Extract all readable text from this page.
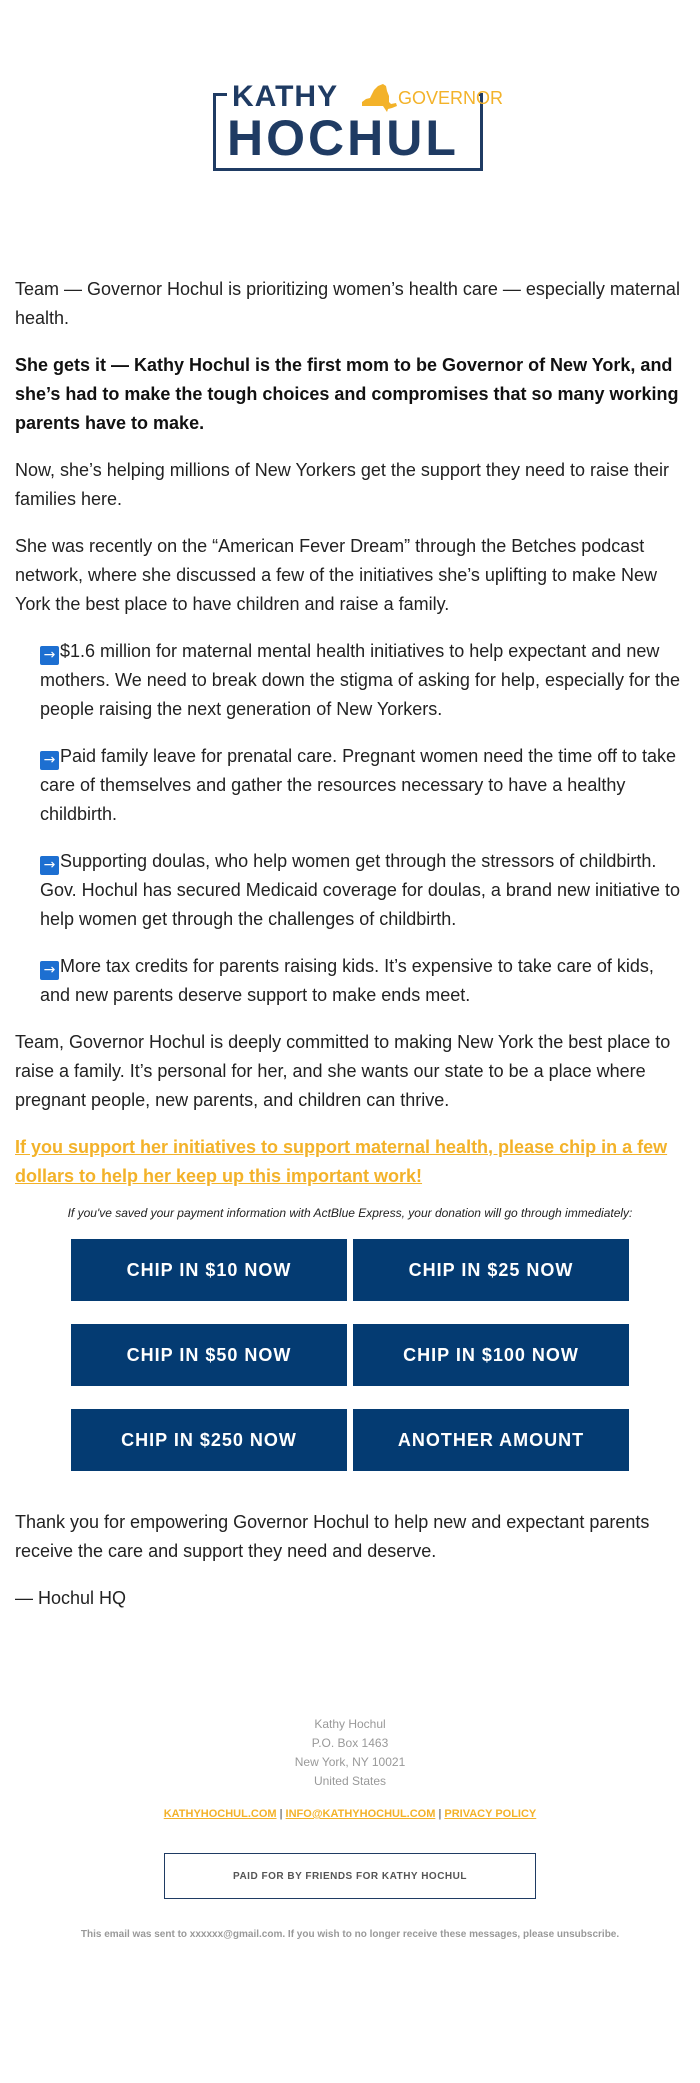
KATHY	GOVERNOR
HOCHUL

Team — Governor Hochul is prioritizing women’s health care — especially maternal health.

She gets it — Kathy Hochul is the first mom to be Governor of New York, and she’s had to make the tough choices and compromises that so many working parents have to make.

Now, she’s helping millions of New Yorkers get the support they need to raise their families here.

She was recently on the “American Fever Dream” through the Betches podcast network, where she discussed a few of the initiatives she’s uplifting to make New York the best place to have children and raise a family.

→ $1.6 million for maternal mental health initiatives to help expectant and new mothers. We need to break down the stigma of asking for help, especially for the people raising the next generation of New Yorkers.

→ Paid family leave for prenatal care. Pregnant women need the time off to take care of themselves and gather the resources necessary to have a healthy childbirth.

→ Supporting doulas, who help women get through the stressors of childbirth. Gov. Hochul has secured Medicaid coverage for doulas, a brand new initiative to help women get through the challenges of childbirth.

→ More tax credits for parents raising kids. It’s expensive to take care of kids, and new parents deserve support to make ends meet.

Team, Governor Hochul is deeply committed to making New York the best place to raise a family. It’s personal for her, and she wants our state to be a place where pregnant people, new parents, and children can thrive.

If you support her initiatives to support maternal health, please chip in a few dollars to help her keep up this important work!

If you've saved your payment information with ActBlue Express, your donation will go through immediately:
CHIP IN $10 NOW	CHIP IN $25 NOW
CHIP IN $50 NOW	CHIP IN $100 NOW
CHIP IN $250 NOW	ANOTHER AMOUNT

Thank you for empowering Governor Hochul to help new and expectant parents receive the care and support they need and deserve.

— Hochul HQ

Kathy Hochul
P.O. Box 1463
New York, NY 10021
United States
KATHYHOCHUL.COM | INFO@KATHYHOCHUL.COM | PRIVACY POLICY
PAID FOR BY FRIENDS FOR KATHY HOCHUL
This email was sent to xxxxxx@gmail.com. If you wish to no longer receive these messages, please unsubscribe.
